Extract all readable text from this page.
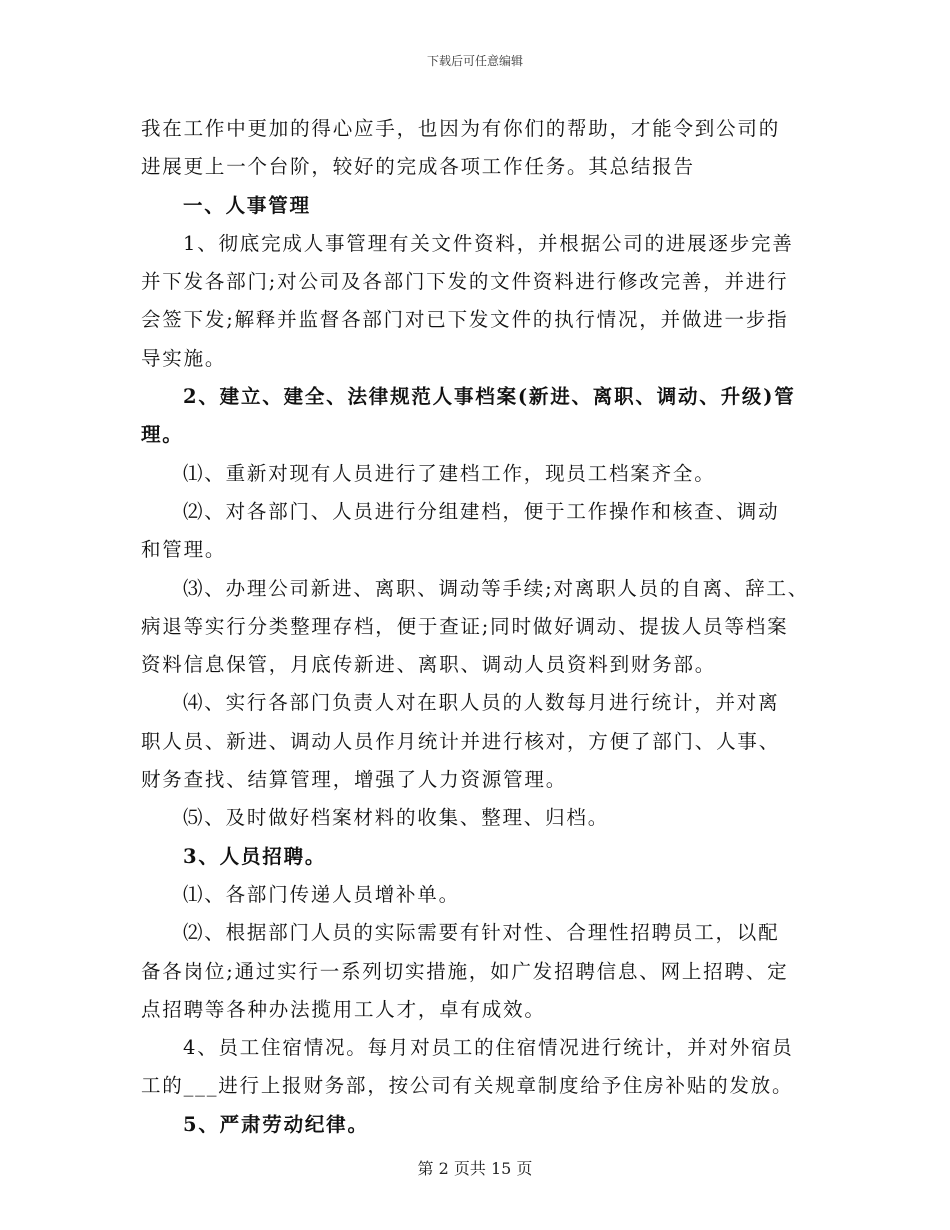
下载后可任意编辑

我在工作中更加的得心应手，也因为有你们的帮助，才能令到公司的

进展更上一个台阶，较好的完成各项工作任务。其总结报告

一、人事管理

1、彻底完成人事管理有关文件资料，并根据公司的进展逐步完善

并下发各部门;对公司及各部门下发的文件资料进行修改完善，并进行

会签下发;解释并监督各部门对已下发文件的执行情况，并做进一步指

导实施。

2、建立、建全、法律规范人事档案(新进、离职、调动、升级)管

理。

⑴、重新对现有人员进行了建档工作，现员工档案齐全。

⑵、对各部门、人员进行分组建档，便于工作操作和核查、调动

和管理。

⑶、办理公司新进、离职、调动等手续;对离职人员的自离、辞工、

病退等实行分类整理存档，便于查证;同时做好调动、提拔人员等档案

资料信息保管，月底传新进、离职、调动人员资料到财务部。

⑷、实行各部门负责人对在职人员的人数每月进行统计，并对离

职人员、新进、调动人员作月统计并进行核对，方便了部门、人事、

财务查找、结算管理，增强了人力资源管理。

⑸、及时做好档案材料的收集、整理、归档。

3、人员招聘。

⑴、各部门传递人员增补单。

⑵、根据部门人员的实际需要有针对性、合理性招聘员工，以配

备各岗位;通过实行一系列切实措施，如广发招聘信息、网上招聘、定

点招聘等各种办法揽用工人才，卓有成效。

4、员工住宿情况。每月对员工的住宿情况进行统计，并对外宿员

工的___进行上报财务部，按公司有关规章制度给予住房补贴的发放。

5、严肃劳动纪律。

第 2 页共 15 页
